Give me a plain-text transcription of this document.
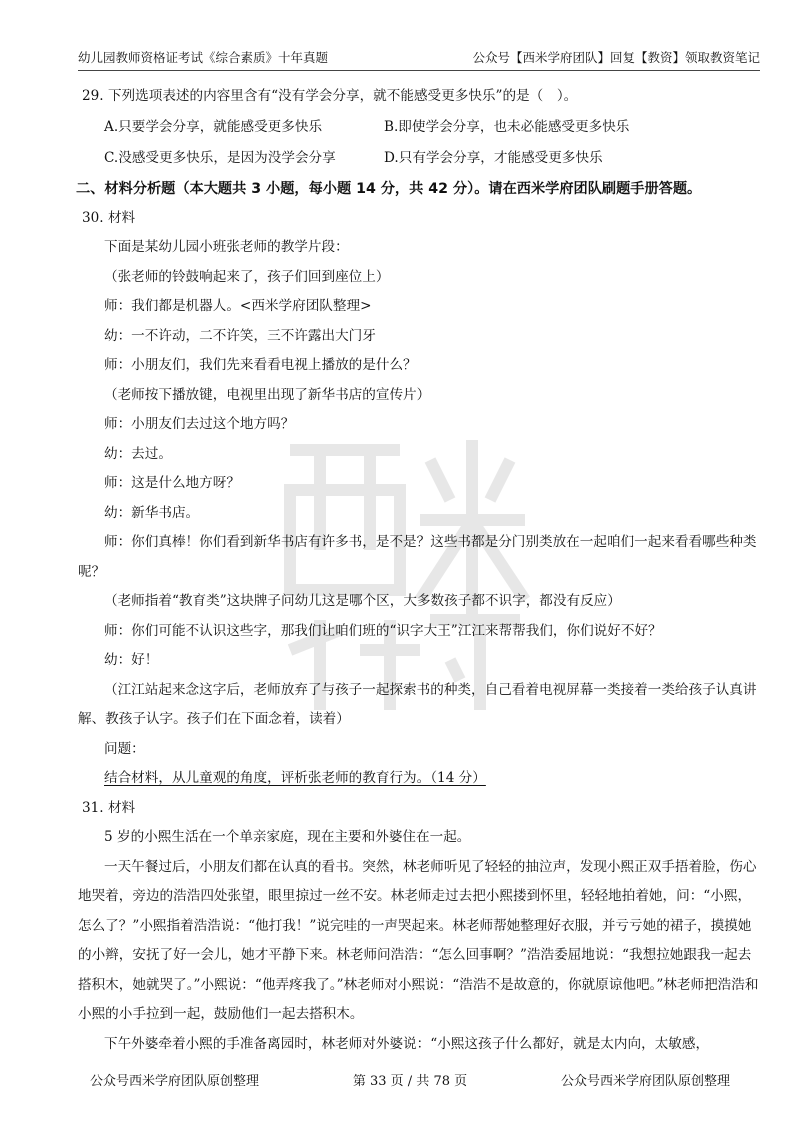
幼儿园教师资格证考试《综合素质》十年真题	公众号【西米学府团队】回复【教资】领取教资笔记
29. 下列选项表述的内容里含有“没有学会分享，就不能感受更多快乐”的是（　）。
A.只要学会分享，就能感受更多快乐	B.即使学会分享，也未必能感受更多快乐
C.没感受更多快乐，是因为没学会分享	D.只有学会分享，才能感受更多快乐
二、材料分析题（本大题共 3 小题，每小题 14 分，共 42 分）。请在西米学府团队刷题手册答题。
30. 材料
下面是某幼儿园小班张老师的教学片段：
（张老师的铃鼓响起来了，孩子们回到座位上）
师：我们都是机器人。<西米学府团队整理>
幼：一不许动，二不许笑，三不许露出大门牙
师：小朋友们，我们先来看看电视上播放的是什么？
（老师按下播放键，电视里出现了新华书店的宣传片）
师：小朋友们去过这个地方吗？
幼：去过。
师：这是什么地方呀？
幼：新华书店。
师：你们真棒！你们看到新华书店有许多书，是不是？这些书都是分门别类放在一起咱们一起来看看哪些种类呢？
（老师指着“教育类”这块牌子问幼儿这是哪个区，大多数孩子都不识字，都没有反应）
师：你们可能不认识这些字，那我们让咱们班的“识字大王”江江来帮帮我们，你们说好不好？
幼：好！
（江江站起来念这字后，老师放弃了与孩子一起探索书的种类，自己看着电视屏幕一类接着一类给孩子认真讲解、教孩子认字。孩子们在下面念着，读着）
问题：
结合材料，从儿童观的角度，评析张老师的教育行为。（14 分）
31. 材料
5 岁的小熙生活在一个单亲家庭，现在主要和外婆住在一起。
一天午餐过后，小朋友们都在认真的看书。突然，林老师听见了轻轻的抽泣声，发现小熙正双手捂着脸，伤心地哭着，旁边的浩浩四处张望，眼里掠过一丝不安。林老师走过去把小熙搂到怀里，轻轻地拍着她，问：“小熙，怎么了？”小熙指着浩浩说：“他打我！”说完哇的一声哭起来。林老师帮她整理好衣服，并亏亏她的裙子，摸摸她的小辫，安抚了好一会儿，她才平静下来。林老师问浩浩：“怎么回事啊？”浩浩委屈地说：“我想拉她跟我一起去搭积木，她就哭了。”小熙说：“他弄疼我了。”林老师对小熙说：“浩浩不是故意的，你就原谅他吧。”林老师把浩浩和小熙的小手拉到一起，鼓励他们一起去搭积木。
下午外婆牵着小熙的手准备离园时，林老师对外婆说：“小熙这孩子什么都好，就是太内向，太敏感，
公众号西米学府团队原创整理	第 33 页 / 共 78 页	公众号西米学府团队原创整理
